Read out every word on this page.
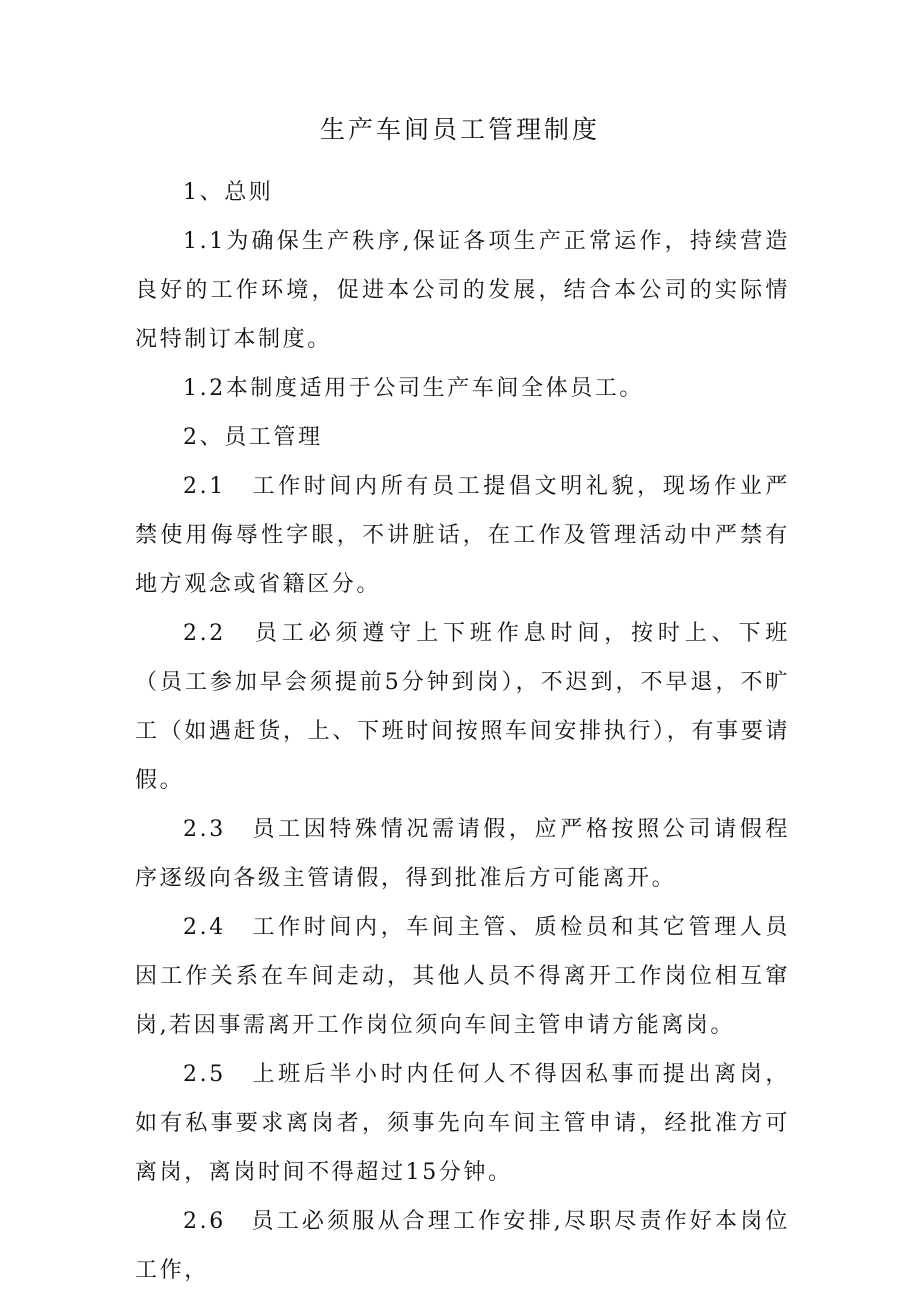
生产车间员工管理制度

1、总则

1.1为确保生产秩序,保证各项生产正常运作，持续营造良好的工作环境，促进本公司的发展，结合本公司的实际情况特制订本制度。

1.2本制度适用于公司生产车间全体员工。

2、员工管理

2.1　工作时间内所有员工提倡文明礼貌，现场作业严禁使用侮辱性字眼，不讲脏话，在工作及管理活动中严禁有地方观念或省籍区分。

2.2　员工必须遵守上下班作息时间，按时上、下班（员工参加早会须提前5分钟到岗），不迟到，不早退，不旷工（如遇赶货，上、下班时间按照车间安排执行），有事要请假。

2.3　员工因特殊情况需请假，应严格按照公司请假程序逐级向各级主管请假，得到批准后方可能离开。

2.4　工作时间内，车间主管、质检员和其它管理人员因工作关系在车间走动，其他人员不得离开工作岗位相互窜岗,若因事需离开工作岗位须向车间主管申请方能离岗。

2.5　上班后半小时内任何人不得因私事而提出离岗，如有私事要求离岗者，须事先向车间主管申请，经批准方可离岗，离岗时间不得超过15分钟。

2.6　员工必须服从合理工作安排,尽职尽责作好本岗位工作，
